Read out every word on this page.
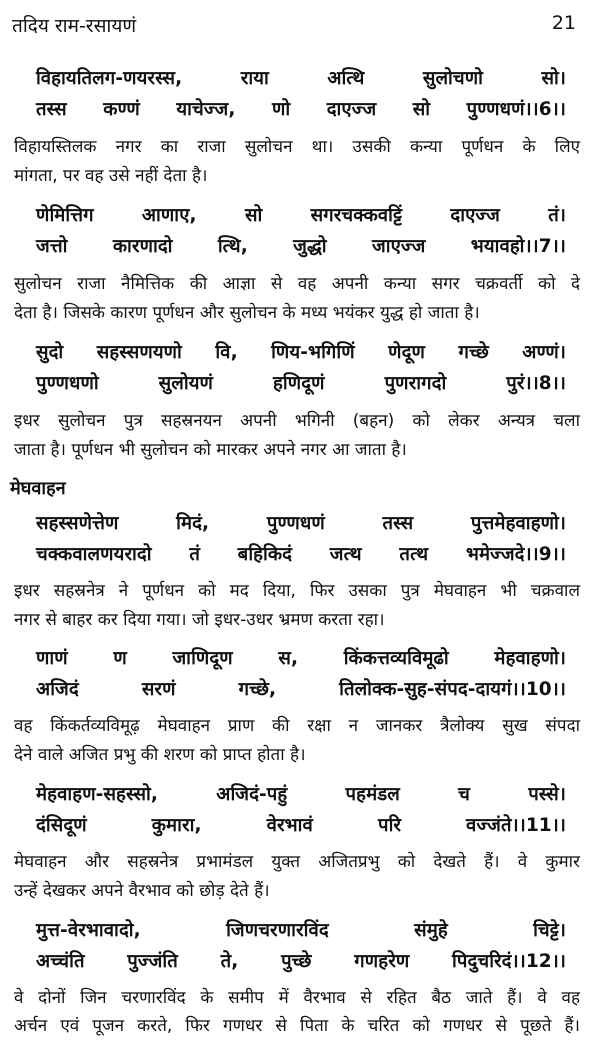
तदिय राम-रसायणं	21
विहायतिलग-णयरस्स, राया अत्थि सुलोचणो सो।
तस्स कण्णं याचेज्ज, णो दाएज्ज सो पुण्णधणं।।6।।
विहायस्तिलक नगर का राजा सुलोचन था। उसकी कन्या पूर्णधन के लिए
मांगता, पर वह उसे नहीं देता है।
णेमित्तिग आणाए, सो सगरचक्कवट्टिं दाएज्ज तं।
जत्तो कारणादो त्थि, जुद्धो जाएज्ज भयावहो।।7।।
सुलोचन राजा नैमित्तिक की आज्ञा से वह अपनी कन्या सगर चक्रवर्ती को दे
देता है। जिसके कारण पूर्णधन और सुलोचन के मध्य भयंकर युद्ध हो जाता है।
सुदो सहस्सणयणो वि, णिय-भगिणिं णेदूण गच्छे अण्णं।
पुण्णधणो सुलोयणं हणिदूणं पुणरागदो पुरं।।8।।
इधर सुलोचन पुत्र सहस्रनयन अपनी भगिनी (बहन) को लेकर अन्यत्र चला
जाता है। पूर्णधन भी सुलोचन को मारकर अपने नगर आ जाता है।
मेघवाहन
सहस्सणेत्तेण मिदं, पुण्णधणं तस्स पुत्तमेहवाहणो।
चक्कवालणयरादो तं बहिकिदं जत्थ तत्थ भमेज्जदे।।9।।
इधर सहस्रनेत्र ने पूर्णधन को मद दिया, फिर उसका पुत्र मेघवाहन भी चक्रवाल
नगर से बाहर कर दिया गया। जो इधर-उधर भ्रमण करता रहा।
णाणं ण जाणिदूण स, किंकत्तव्यविमूढो मेहवाहणो।
अजिदं सरणं गच्छे, तिलोक्क-सुह-संपद-दायगं।।10।।
वह किंकर्तव्यविमूढ़ मेघवाहन प्राण की रक्षा न जानकर त्रैलोक्य सुख संपदा
देने वाले अजित प्रभु की शरण को प्राप्त होता है।
मेहवाहण-सहस्सो, अजिदं-पहुं पहमंडल च पस्से।
दंसिदूणं कुमारा, वेरभावं परि वज्जंते।।11।।
मेघवाहन और सहस्रनेत्र प्रभामंडल युक्त अजितप्रभु को देखते हैं। वे कुमार
उन्हें देखकर अपने वैरभाव को छोड़ देते हैं।
मुत्त-वेरभावादो, जिणचरणारविंद संमुहे चिट्टे।
अच्चंति पुज्जंति ते, पुच्छे गणहरेण पिदुचरिदं।।12।।
वे दोनों जिन चरणारविंद के समीप में वैरभाव से रहित बैठ जाते हैं। वे वह
अर्चन एवं पूजन करते, फिर गणधर से पिता के चरित को गणधर से पूछते हैं।
